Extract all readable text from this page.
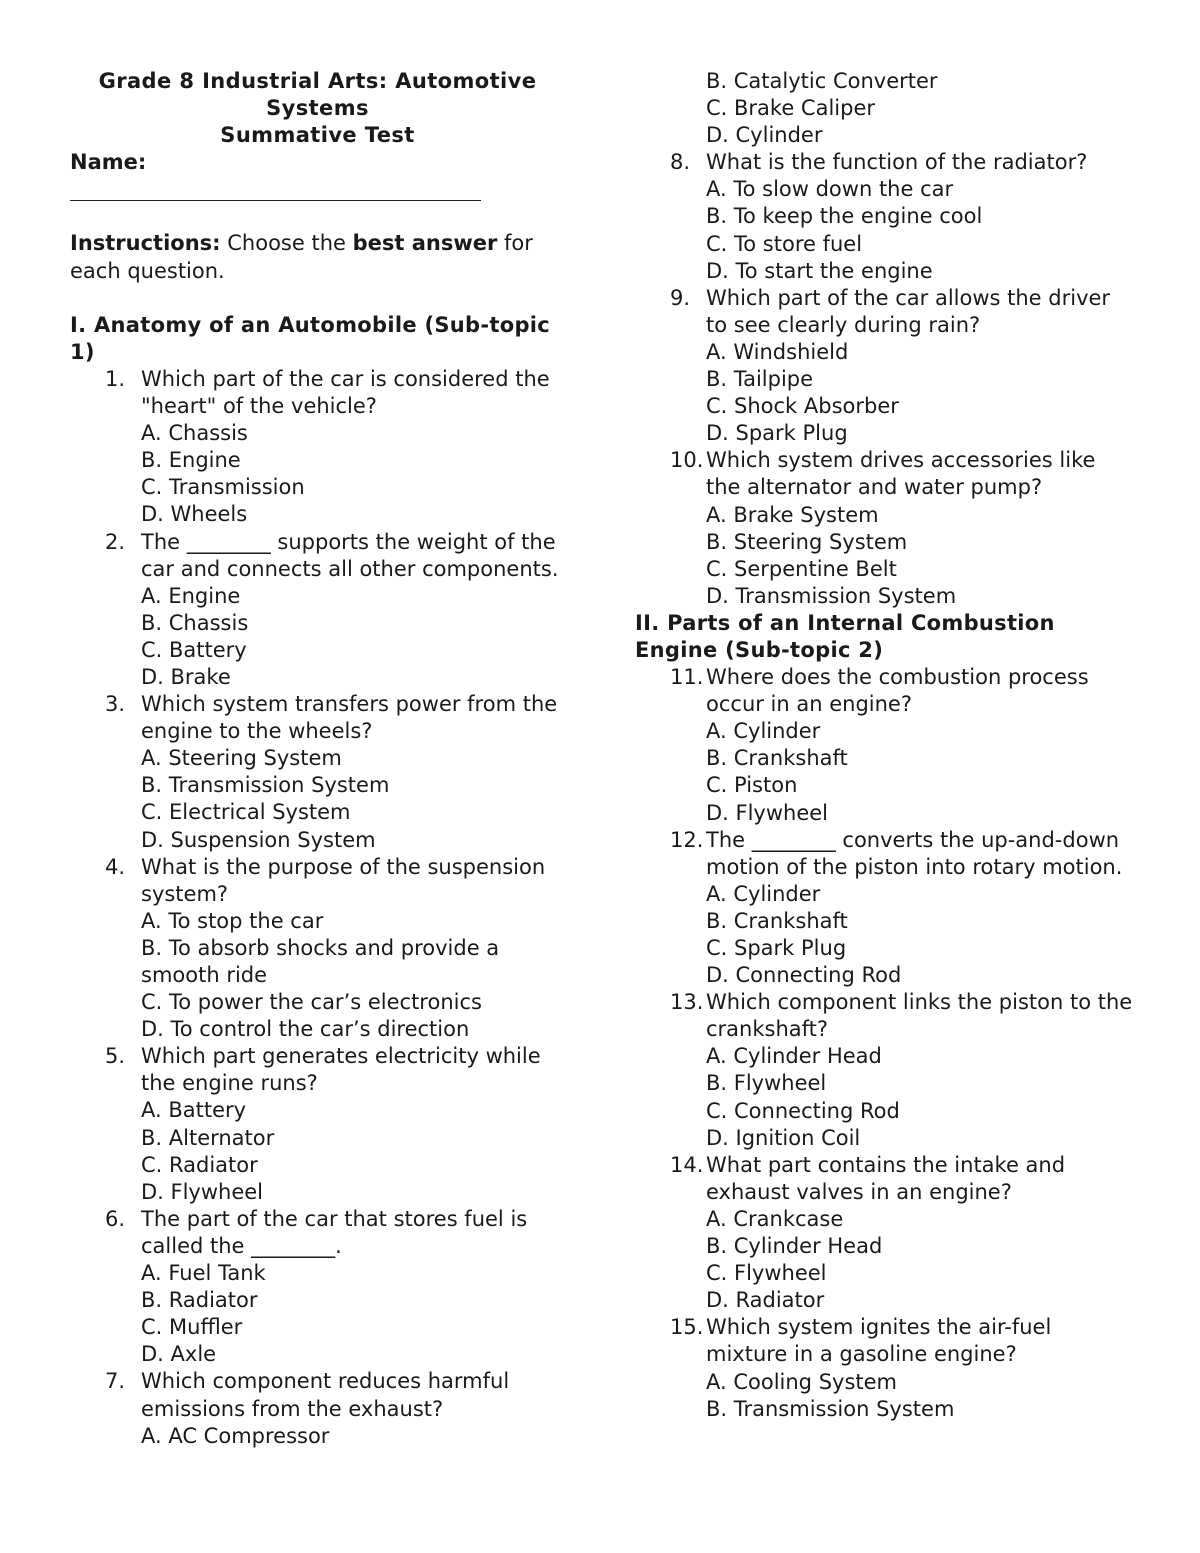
Grade 8 Industrial Arts: Automotive
Systems
Summative Test
Name:
Instructions: Choose the best answer for each question.
I. Anatomy of an Automobile (Sub-topic 1)
1. Which part of the car is considered the "heart" of the vehicle?
A. Chassis
B. Engine
C. Transmission
D. Wheels
2. The ________ supports the weight of the car and connects all other components.
A. Engine
B. Chassis
C. Battery
D. Brake
3. Which system transfers power from the engine to the wheels?
A. Steering System
B. Transmission System
C. Electrical System
D. Suspension System
4. What is the purpose of the suspension system?
A. To stop the car
B. To absorb shocks and provide a smooth ride
C. To power the car’s electronics
D. To control the car’s direction
5. Which part generates electricity while the engine runs?
A. Battery
B. Alternator
C. Radiator
D. Flywheel
6. The part of the car that stores fuel is called the ________.
A. Fuel Tank
B. Radiator
C. Muffler
D. Axle
7. Which component reduces harmful emissions from the exhaust?
A. AC Compressor
B. Catalytic Converter
C. Brake Caliper
D. Cylinder
8. What is the function of the radiator?
A. To slow down the car
B. To keep the engine cool
C. To store fuel
D. To start the engine
9. Which part of the car allows the driver to see clearly during rain?
A. Windshield
B. Tailpipe
C. Shock Absorber
D. Spark Plug
10. Which system drives accessories like the alternator and water pump?
A. Brake System
B. Steering System
C. Serpentine Belt
D. Transmission System
II. Parts of an Internal Combustion Engine (Sub-topic 2)
11. Where does the combustion process occur in an engine?
A. Cylinder
B. Crankshaft
C. Piston
D. Flywheel
12. The ________ converts the up-and-down motion of the piston into rotary motion.
A. Cylinder
B. Crankshaft
C. Spark Plug
D. Connecting Rod
13. Which component links the piston to the crankshaft?
A. Cylinder Head
B. Flywheel
C. Connecting Rod
D. Ignition Coil
14. What part contains the intake and exhaust valves in an engine?
A. Crankcase
B. Cylinder Head
C. Flywheel
D. Radiator
15. Which system ignites the air-fuel mixture in a gasoline engine?
A. Cooling System
B. Transmission System
